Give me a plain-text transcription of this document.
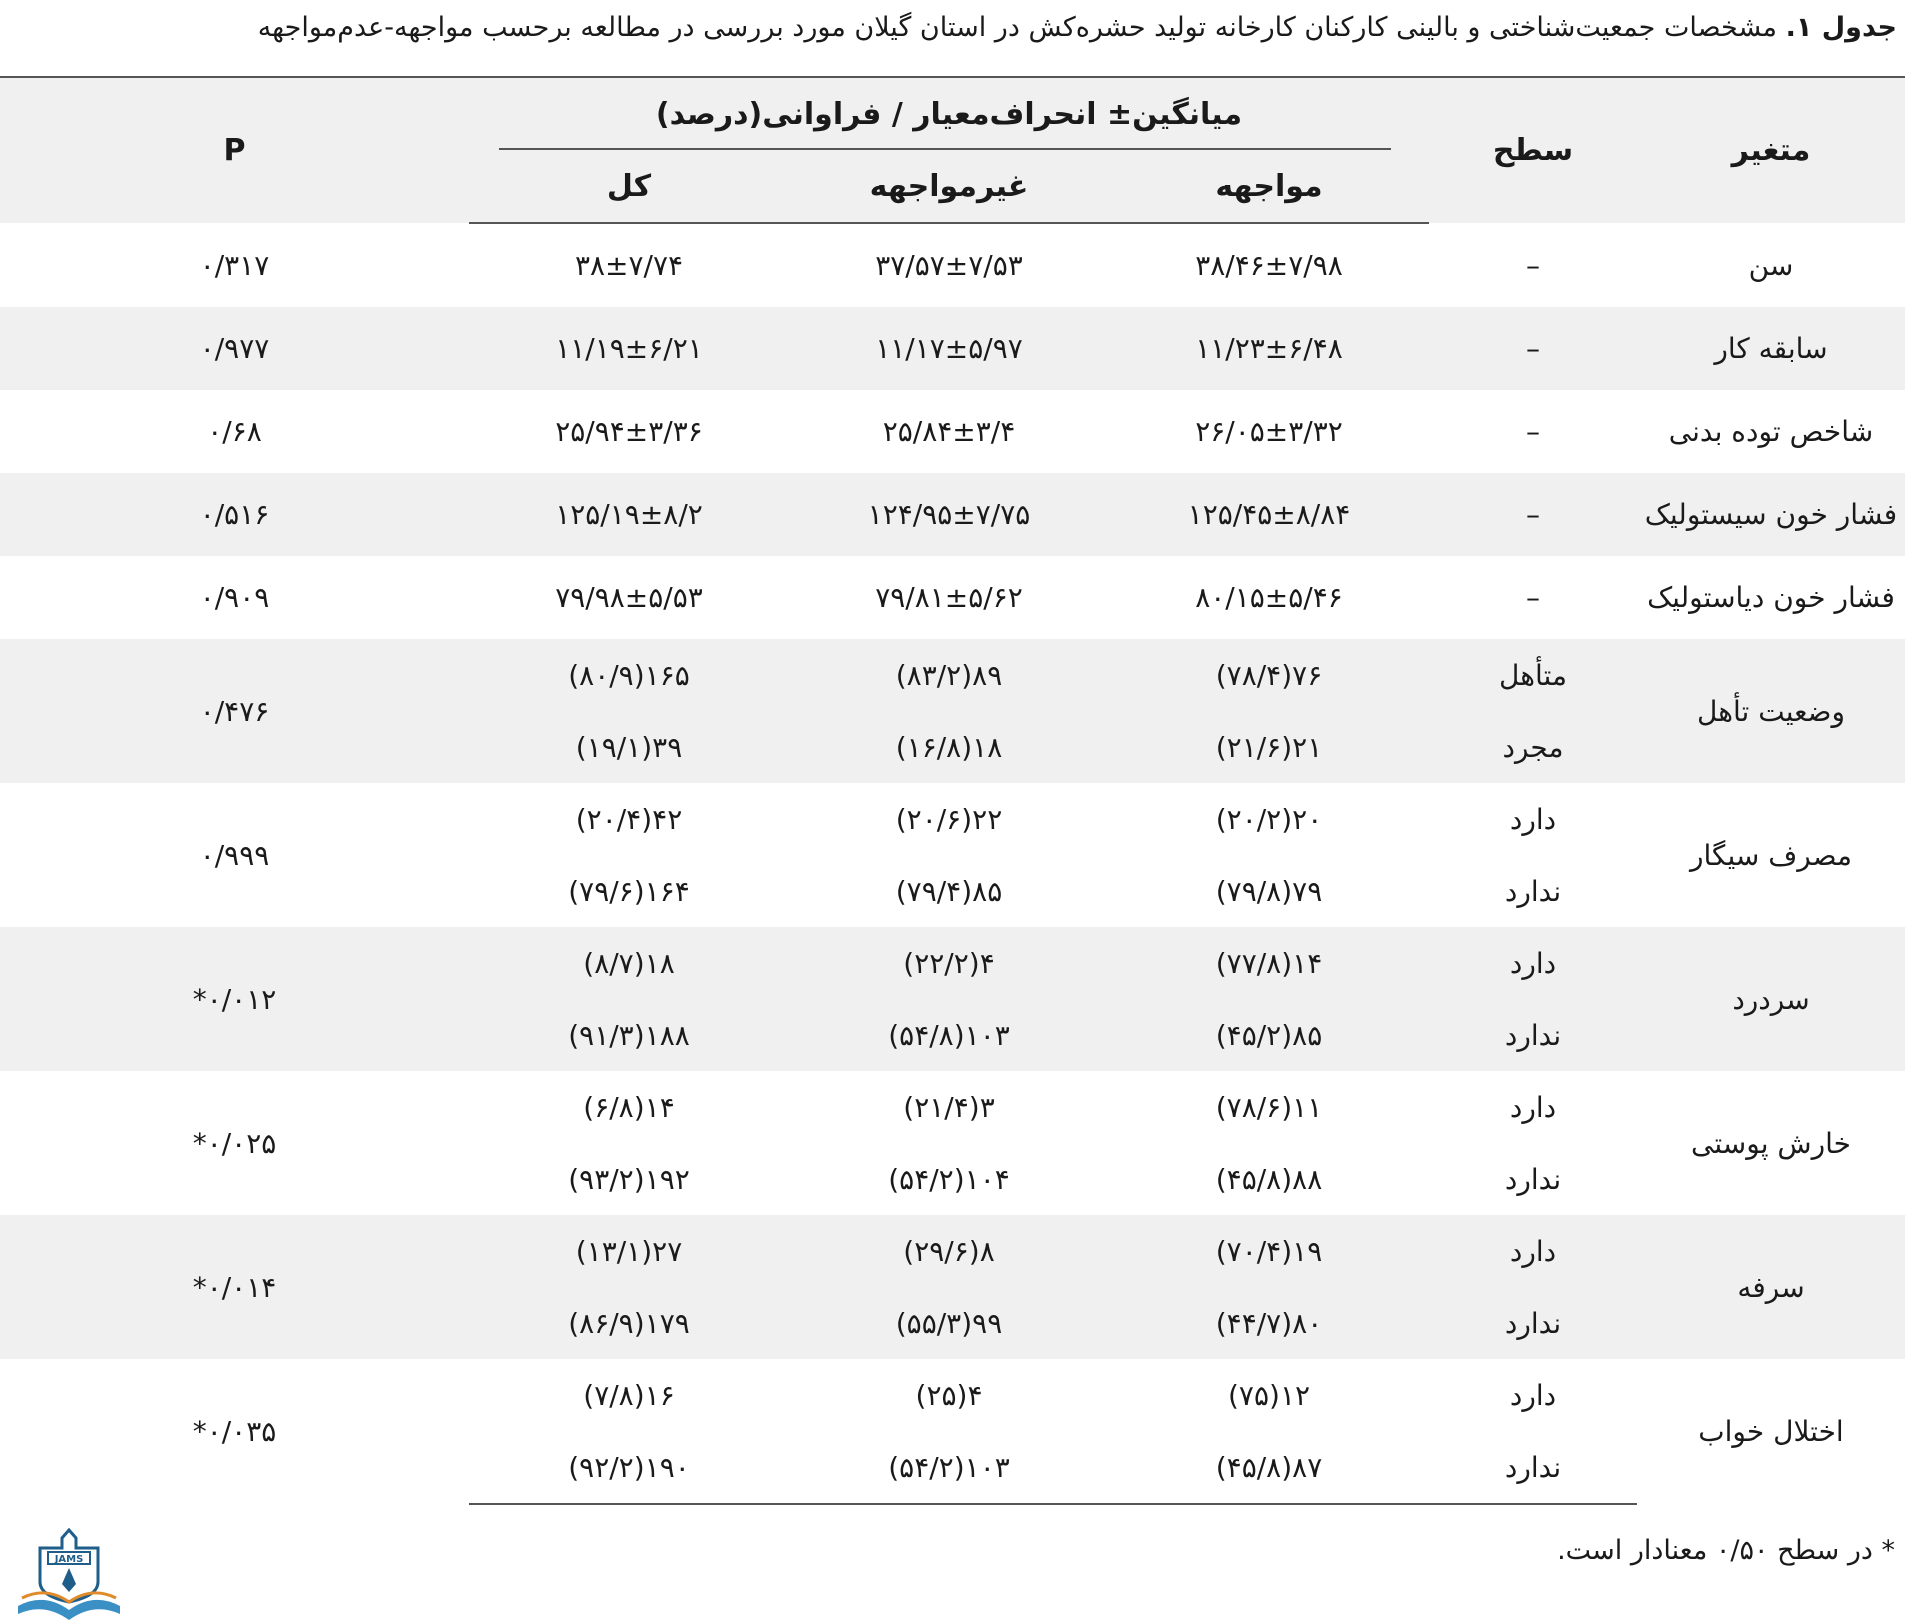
جدول ۱. مشخصات جمعیت‌شناختی و بالینی کارکنان کارخانه تولید حشره‌کش در استان گیلان مورد بررسی در مطالعه برحسب مواجهه-عدم‌مواجهه
متغیر	سطح	میانگین± انحراف‌معیار / فراوانی(درصد)			P
		مواجهه	غیرمواجهه	کل	
سن	–	۳۸/۴۶±۷/۹۸	۳۷/۵۷±۷/۵۳	۳۸±۷/۷۴	۰/۳۱۷
سابقه کار	–	۱۱/۲۳±۶/۴۸	۱۱/۱۷±۵/۹۷	۱۱/۱۹±۶/۲۱	۰/۹۷۷
شاخص توده بدنی	–	۲۶/۰۵±۳/۳۲	۲۵/۸۴±۳/۴	۲۵/۹۴±۳/۳۶	۰/۶۸
فشار خون سیستولیک	–	۱۲۵/۴۵±۸/۸۴	۱۲۴/۹۵±۷/۷۵	۱۲۵/۱۹±۸/۲	۰/۵۱۶
فشار خون دیاستولیک	–	۸۰/۱۵±۵/۴۶	۷۹/۸۱±۵/۶۲	۷۹/۹۸±۵/۵۳	۰/۹۰۹
وضعیت تأهل	متأهل	۷۶(۷۸/۴)	۸۹(۸۳/۲)	۱۶۵(۸۰/۹)	۰/۴۷۶
	مجرد	۲۱(۲۱/۶)	۱۸(۱۶/۸)	۳۹(۱۹/۱)	
مصرف سیگار	دارد	۲۰(۲۰/۲)	۲۲(۲۰/۶)	۴۲(۲۰/۴)	۰/۹۹۹
	ندارد	۷۹(۷۹/۸)	۸۵(۷۹/۴)	۱۶۴(۷۹/۶)	
سردرد	دارد	۱۴(۷۷/۸)	۴(۲۲/۲)	۱۸(۸/۷)	۰/۰۱۲*
	ندارد	۸۵(۴۵/۲)	۱۰۳(۵۴/۸)	۱۸۸(۹۱/۳)	
خارش پوستی	دارد	۱۱(۷۸/۶)	۳(۲۱/۴)	۱۴(۶/۸)	۰/۰۲۵*
	ندارد	۸۸(۴۵/۸)	۱۰۴(۵۴/۲)	۱۹۲(۹۳/۲)	
سرفه	دارد	۱۹(۷۰/۴)	۸(۲۹/۶)	۲۷(۱۳/۱)	۰/۰۱۴*
	ندارد	۸۰(۴۴/۷)	۹۹(۵۵/۳)	۱۷۹(۸۶/۹)	
اختلال خواب	دارد	۱۲(۷۵)	۴(۲۵)	۱۶(۷/۸)	۰/۰۳۵*
	ندارد	۸۷(۴۵/۸)	۱۰۳(۵۴/۲)	۱۹۰(۹۲/۲)	
* در سطح ۰/۵۰ معنادار است.
JAMS
